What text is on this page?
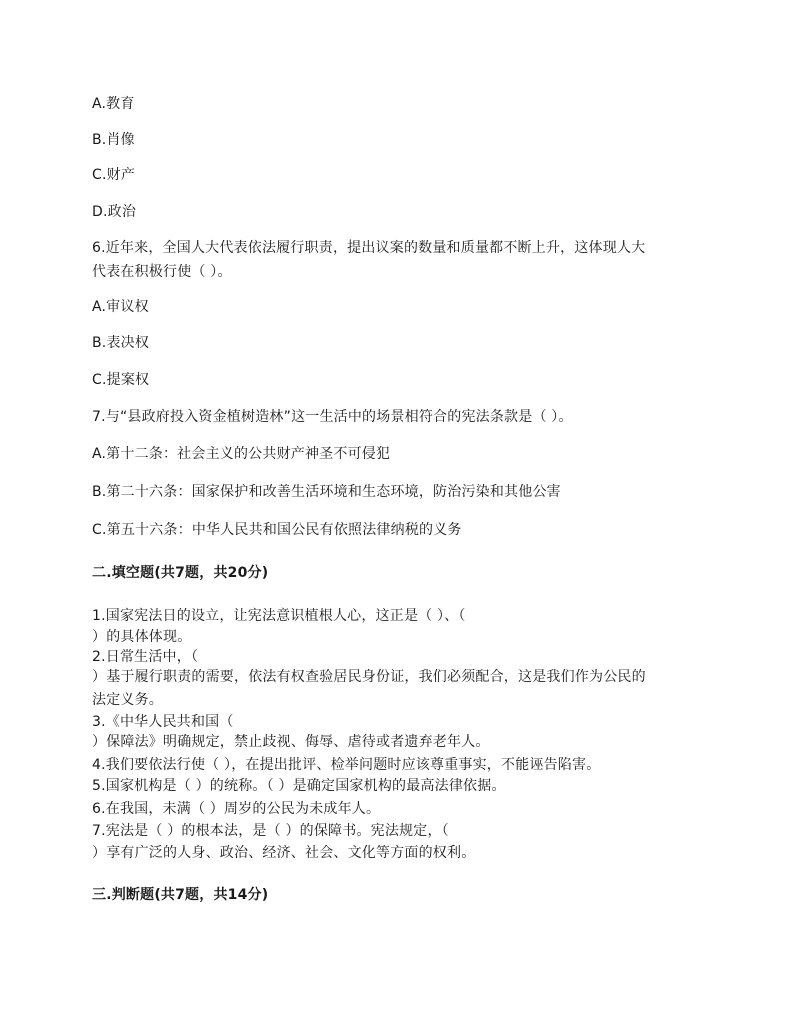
A.教育
B.肖像
C.财产
D.政治
6.近年来，全国人大代表依法履行职责，提出议案的数量和质量都不断上升，这体现人大
代表在积极行使（ ）。
A.审议权
B.表决权
C.提案权
7.与“县政府投入资金植树造林”这一生活中的场景相符合的宪法条款是（ ）。
A.第十二条：社会主义的公共财产神圣不可侵犯
B.第二十六条：国家保护和改善生活环境和生态环境，防治污染和其他公害
C.第五十六条：中华人民共和国公民有依照法律纳税的义务
二.填空题(共7题，共20分)
1.国家宪法日的设立，让宪法意识植根人心，这正是（ ）、（
）的具体体现。
2.日常生活中，（
）基于履行职责的需要，依法有权查验居民身份证，我们必须配合，这是我们作为公民的
法定义务。
3.《中华人民共和国（
）保障法》明确规定，禁止歧视、侮辱、虐待或者遗弃老年人。
4.我们要依法行使（ ），在提出批评、检举问题时应该尊重事实，不能诬告陷害。
5.国家机构是（ ）的统称。（ ）是确定国家机构的最高法律依据。
6.在我国，未满（ ）周岁的公民为未成年人。
7.宪法是（ ）的根本法，是（ ）的保障书。宪法规定，（
）享有广泛的人身、政治、经济、社会、文化等方面的权利。
三.判断题(共7题，共14分)
